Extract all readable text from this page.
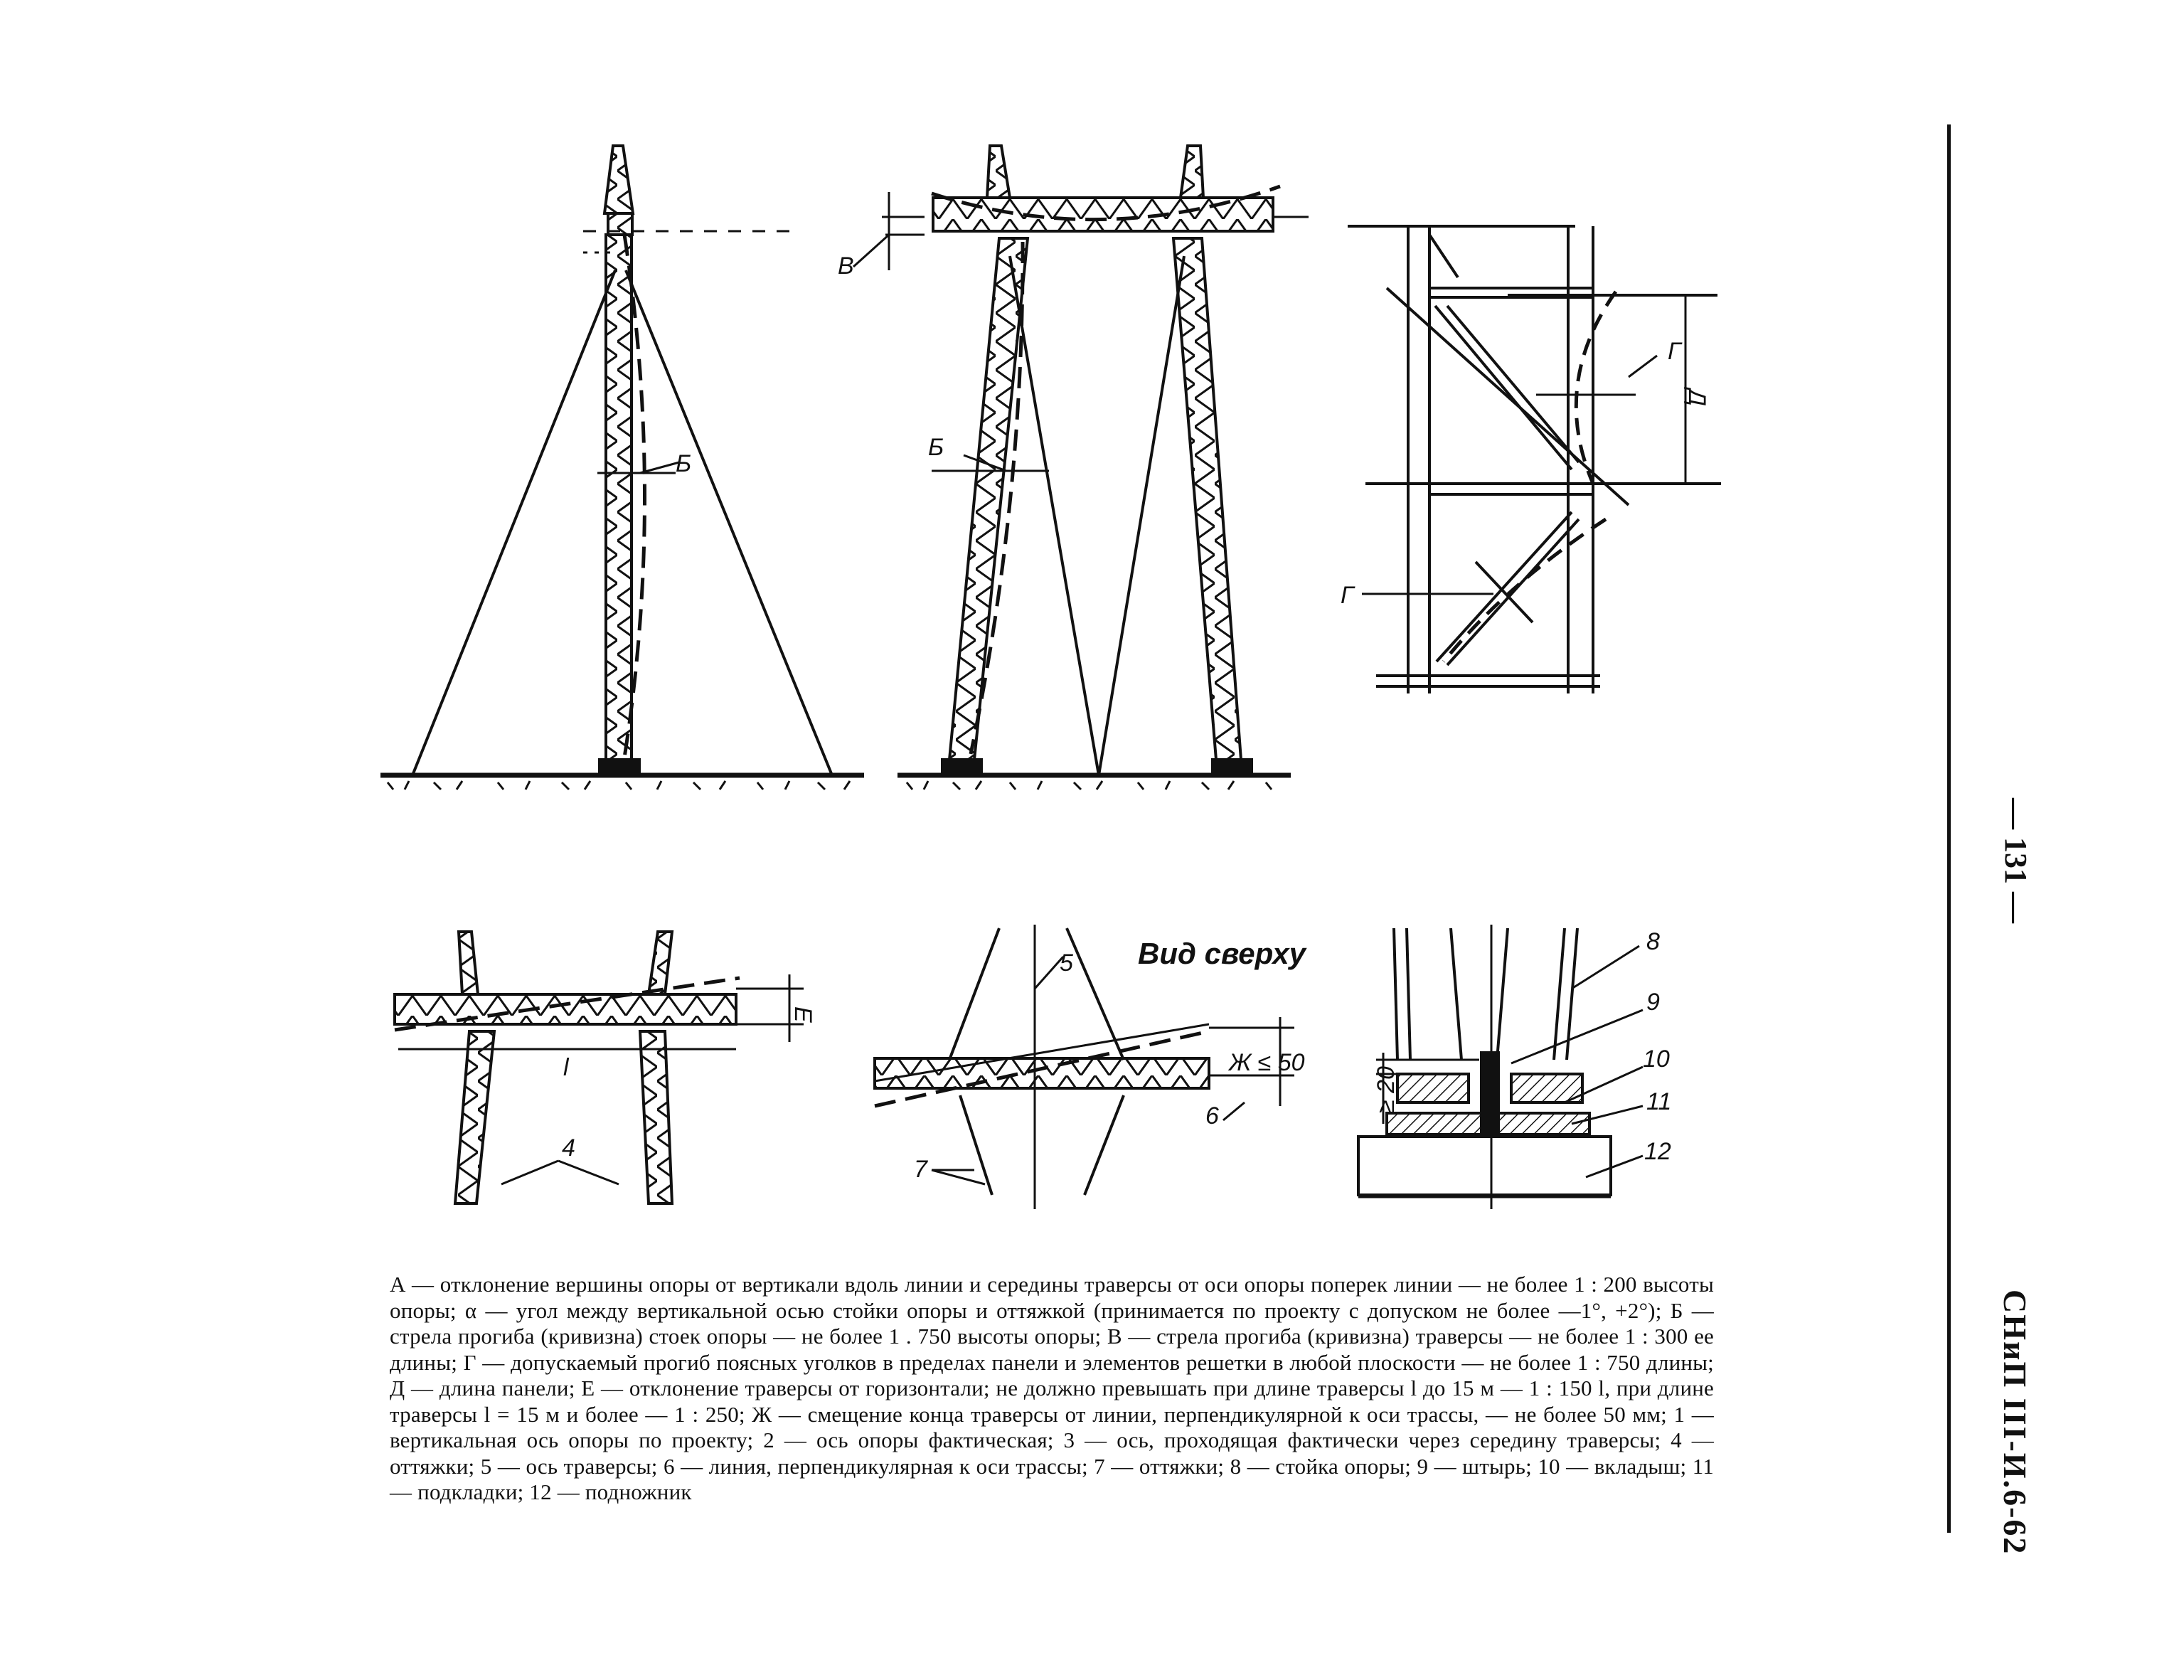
Б
В
Б
Г
Г
Д
Е
l
4
Вид сверху
5
Ж ≤ 50
6
7
≥ 20
8
9
10
11
12
— 131 —
СНиП III-И.6-62

А — отклонение вершины опоры от вертикали вдоль линии и середины траверсы от оси опоры поперек линии — не более 1 : 200 высоты опоры; α — угол между вертикальной осью стойки опоры и оттяжкой (принимается по проекту с допуском не более —1°, +2°); Б — стрела прогиба (кривизна) стоек опоры — не более 1 . 750 высоты опоры; В — стрела прогиба (кривизна) траверсы — не более 1 : 300 ее длины; Г — допускаемый прогиб поясных уголков в пределах панели и элементов решетки в любой плоскости — не более 1 : 750 длины; Д — длина панели; Е — отклонение траверсы от горизонтали; не должно превышать при длине траверсы l до 15 м — 1 : 150 l, при длине траверсы l = 15 м и более — 1 : 250; Ж — смещение конца траверсы от линии, перпендикулярной к оси трассы, — не более 50 мм; 1 — вертикальная ось опоры по проекту; 2 — ось опоры фактическая; 3 — ось, проходящая фактически через середину траверсы; 4 — оттяжки; 5 — ось траверсы; 6 — линия, перпендикулярная к оси трассы; 7 — оттяжки; 8 — стойка опоры; 9 — штырь; 10 — вкладыш; 11 — подкладки; 12 — подножник
